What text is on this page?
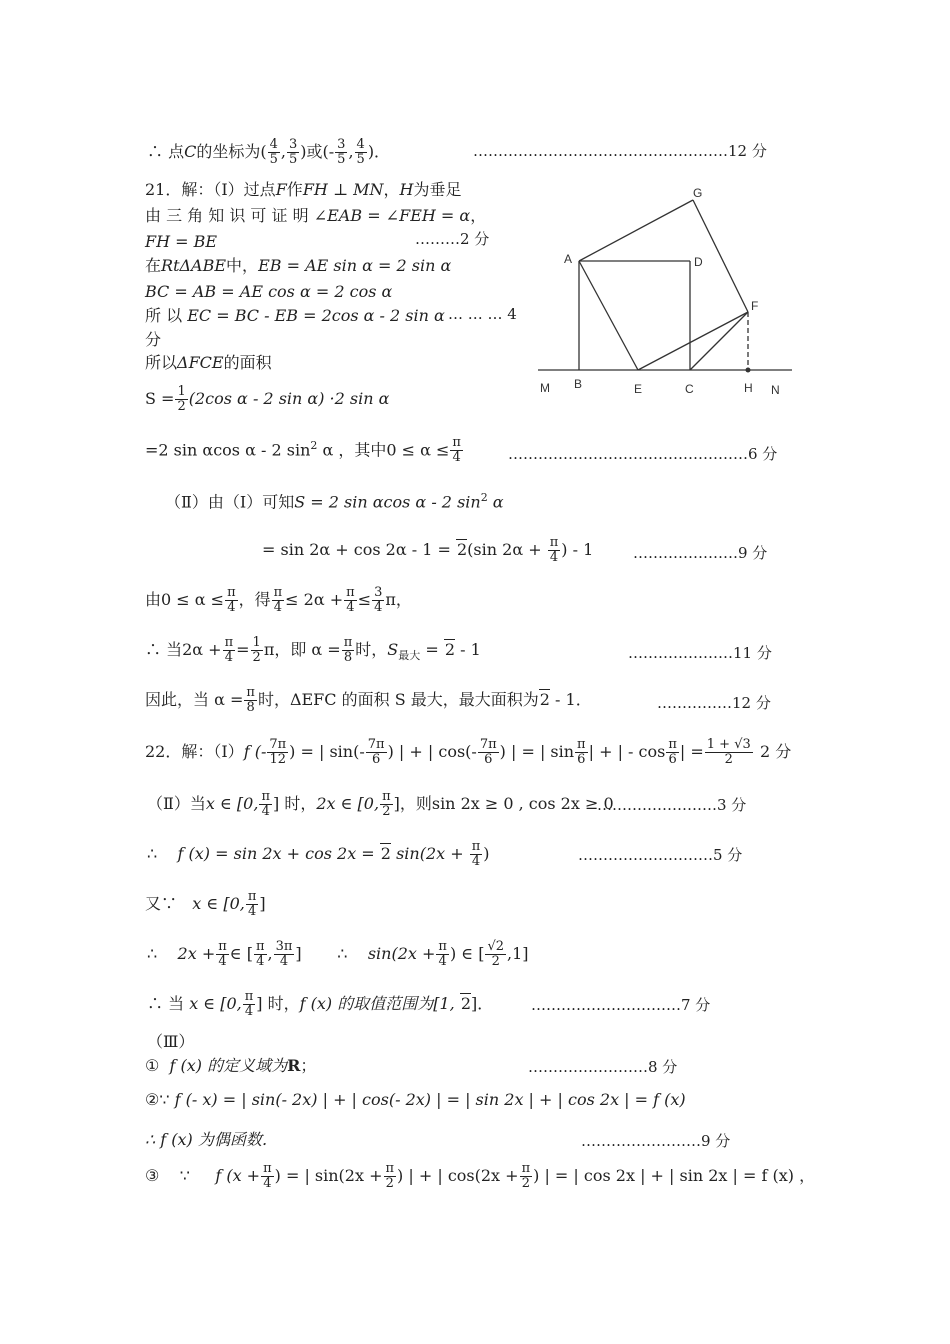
∴ 点C的坐标为( $\frac{4}{5}$ , $\frac{3}{5}$ )或(- $\frac{3}{5}$ , $\frac{4}{5}$ )．	……………………………………………12 分
21．解：（Ⅰ）过点F作FH ⊥ MN，H为垂足
由 三 角 知 识 可 证 明 ∠EAB = ∠FEH = α，
FH = BE	………2 分
在RtΔABE中，EB = AE sin α = 2 sin α
BC = AB = AE cos α = 2 cos α
所 以 EC = BC - EB = 2cos α - 2 sin α … … … 4
分
所以ΔFCE的面积
$S = \frac{1}{2} (2\cos$ α - 2 sin α) ·2 sin α
=2 sin αcos α - 2 $\sin^2 \alpha$ ，其中$0 \le \alpha \le \frac{\pi}{4}$	…………………………………………6 分
（Ⅱ）由（Ⅰ）可知S = 2 sin αcos α - 2 $\sin^2 \alpha$
= sin 2α + cos 2α - 1 = 2(sin $2\alpha + \frac{\pi}{4}$ ) - 1	…………………9 分
由$0 \le \alpha \le \frac{\pi}{4}$ ，得 $\frac{\pi}{4} \le 2\alpha + \frac{\pi}{4} \le \frac{3}{4}$ π，
∴ 当$2\alpha + \frac{\pi}{4} = \frac{1}{2}$ π，即 $\alpha = \frac{\pi}{8}$ 时，$S_{最大} = 2 - 1$	…………………11 分
因此，当 $\alpha = \frac{\pi}{8}$ 时，ΔEFC 的面积 S 最大，最大面积为2 - 1．	……………12 分
22．解：（Ⅰ）f (- $\frac{7\pi}{12}$ ) = | $\sin(- \frac{7\pi}{6}$ ) | + | $\cos(- \frac{7\pi}{6}$ ) | = | $\sin \frac{\pi}{6}$ | + | - $\cos \frac{\pi}{6}$ | = $\frac{1 + √3}{2} 2$ 分
（Ⅱ）当x ∈ [0, $\frac{\pi}{4}$ ] 时，2x ∈ [0, $\frac{\pi}{2}$ ]，则sin 2x ≥ 0 , cos 2x ≥ 0
……………………3 分
∴ f (x) = sin 2x + cos 2x = 2 $\sin(2x + \frac{\pi}{4}$ )	………………………5 分
又∵ x ∈ [0, $\frac{\pi}{4}$ ]
∴ $2x + \frac{\pi}{4}$ ∈ [ $\frac{\pi}{4}$ , $\frac{3\pi}{4}$ ] ∴ $\sin(2x + \frac{\pi}{4}$ ) ∈ [ $\frac{√2}{2} ,1$]
∴ 当 x ∈ [0, $\frac{\pi}{4}$ ] 时，f (x) 的取值范围为[1, 2]．	…………………………7 分
（Ⅲ）
① f (x) 的定义域为R；	……………………8 分
②∵ f (- x) = | sin(- 2x) | + | cos(- 2x) | = | sin 2x | + | cos 2x | = f (x)
∴ f (x) 为偶函数．	……………………9 分
③ ∵ f ($x + \frac{\pi}{4}$ ) = | $\sin(2x + \frac{\pi}{2}$ ) | + | $\cos(2x + \frac{\pi}{2}$ ) | = | cos 2x | + | sin 2x | = f (x) ，
G
A	D
F
M B	E	C	H N
